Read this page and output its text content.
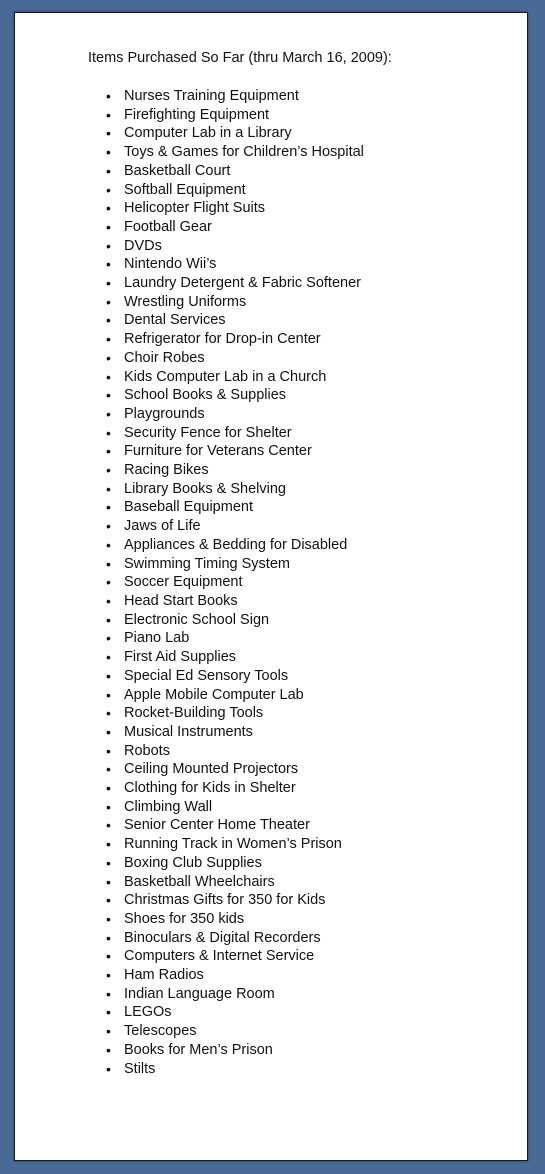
Items Purchased So Far (thru March 16, 2009):
• Nurses Training Equipment
• Firefighting Equipment
• Computer Lab in a Library
• Toys & Games for Children’s Hospital
• Basketball Court
• Softball Equipment
• Helicopter Flight Suits
• Football Gear
• DVDs
• Nintendo Wii’s
• Laundry Detergent & Fabric Softener
• Wrestling Uniforms
• Dental Services
• Refrigerator for Drop-in Center
• Choir Robes
• Kids Computer Lab in a Church
• School Books & Supplies
• Playgrounds
• Security Fence for Shelter
• Furniture for Veterans Center
• Racing Bikes
• Library Books & Shelving
• Baseball Equipment
• Jaws of Life
• Appliances & Bedding for Disabled
• Swimming Timing System
• Soccer Equipment
• Head Start Books
• Electronic School Sign
• Piano Lab
• First Aid Supplies
• Special Ed Sensory Tools
• Apple Mobile Computer Lab
• Rocket-Building Tools
• Musical Instruments
• Robots
• Ceiling Mounted Projectors
• Clothing for Kids in Shelter
• Climbing Wall
• Senior Center Home Theater
• Running Track in Women’s Prison
• Boxing Club Supplies
• Basketball Wheelchairs
• Christmas Gifts for 350 for Kids
• Shoes for 350 kids
• Binoculars & Digital Recorders
• Computers & Internet Service
• Ham Radios
• Indian Language Room
• LEGOs
• Telescopes
• Books for Men’s Prison
• Stilts
